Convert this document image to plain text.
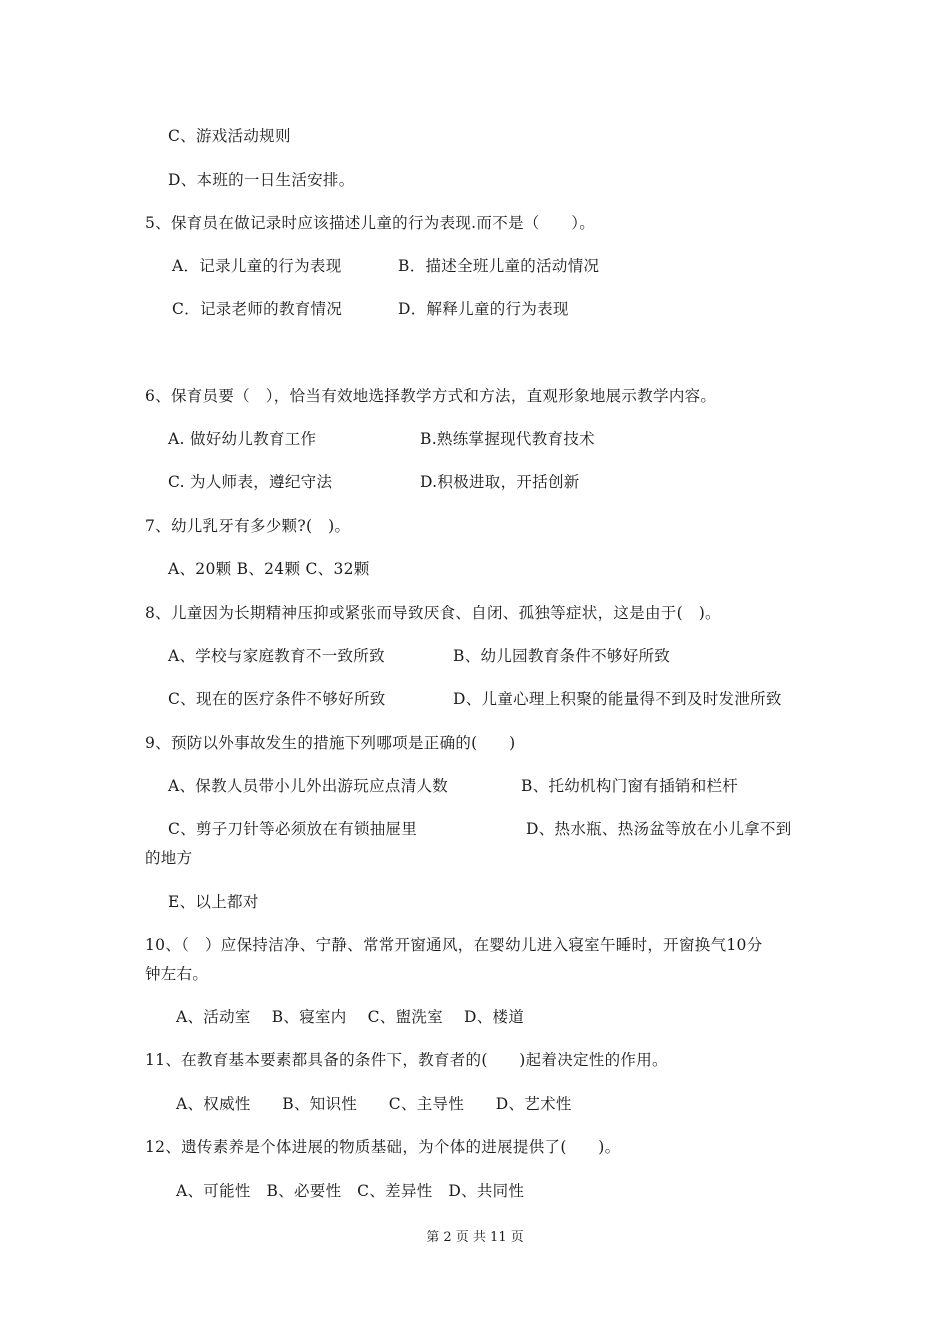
C、游戏活动规则
D、本班的一日生活安排。
5、保育员在做记录时应该描述儿童的行为表现.而不是（　　）。
A．记录儿童的行为表现	B．描述全班儿童的活动情况
C．记录老师的教育情况	D．解释儿童的行为表现
6、保育员要（　），恰当有效地选择教学方式和方法，直观形象地展示教学内容。
A. 做好幼儿教育工作	B.熟练掌握现代教育技术
C. 为人师表，遵纪守法	D.积极进取，开括创新
7、幼儿乳牙有多少颗?(　)。
A、20颗 B、24颗 C、32颗
8、儿童因为长期精神压抑或紧张而导致厌食、自闭、孤独等症状，这是由于(　)。
A、学校与家庭教育不一致所致	B、幼儿园教育条件不够好所致
C、现在的医疗条件不够好所致	D、儿童心理上积聚的能量得不到及时发泄所致
9、预防以外事故发生的措施下列哪项是正确的(　　)
A、保教人员带小儿外出游玩应点清人数	B、托幼机构门窗有插销和栏杆
C、剪子刀针等必须放在有锁抽屉里	D、热水瓶、热汤盆等放在小儿拿不到
的地方
E、以上都对
10、（　）应保持洁净、宁静、常常开窗通风，在婴幼儿进入寝室午睡时，开窗换气10分
钟左右。
A、活动室　 B、寝室内　 C、盥洗室　 D、楼道
11、在教育基本要素都具备的条件下，教育者的(　　)起着决定性的作用。
A、权威性　　B、知识性　　C、主导性　　D、艺术性
12、遗传素养是个体进展的物质基础，为个体的进展提供了(　　)。
A、可能性　B、必要性　C、差异性　D、共同性
第 2 页 共 11 页
